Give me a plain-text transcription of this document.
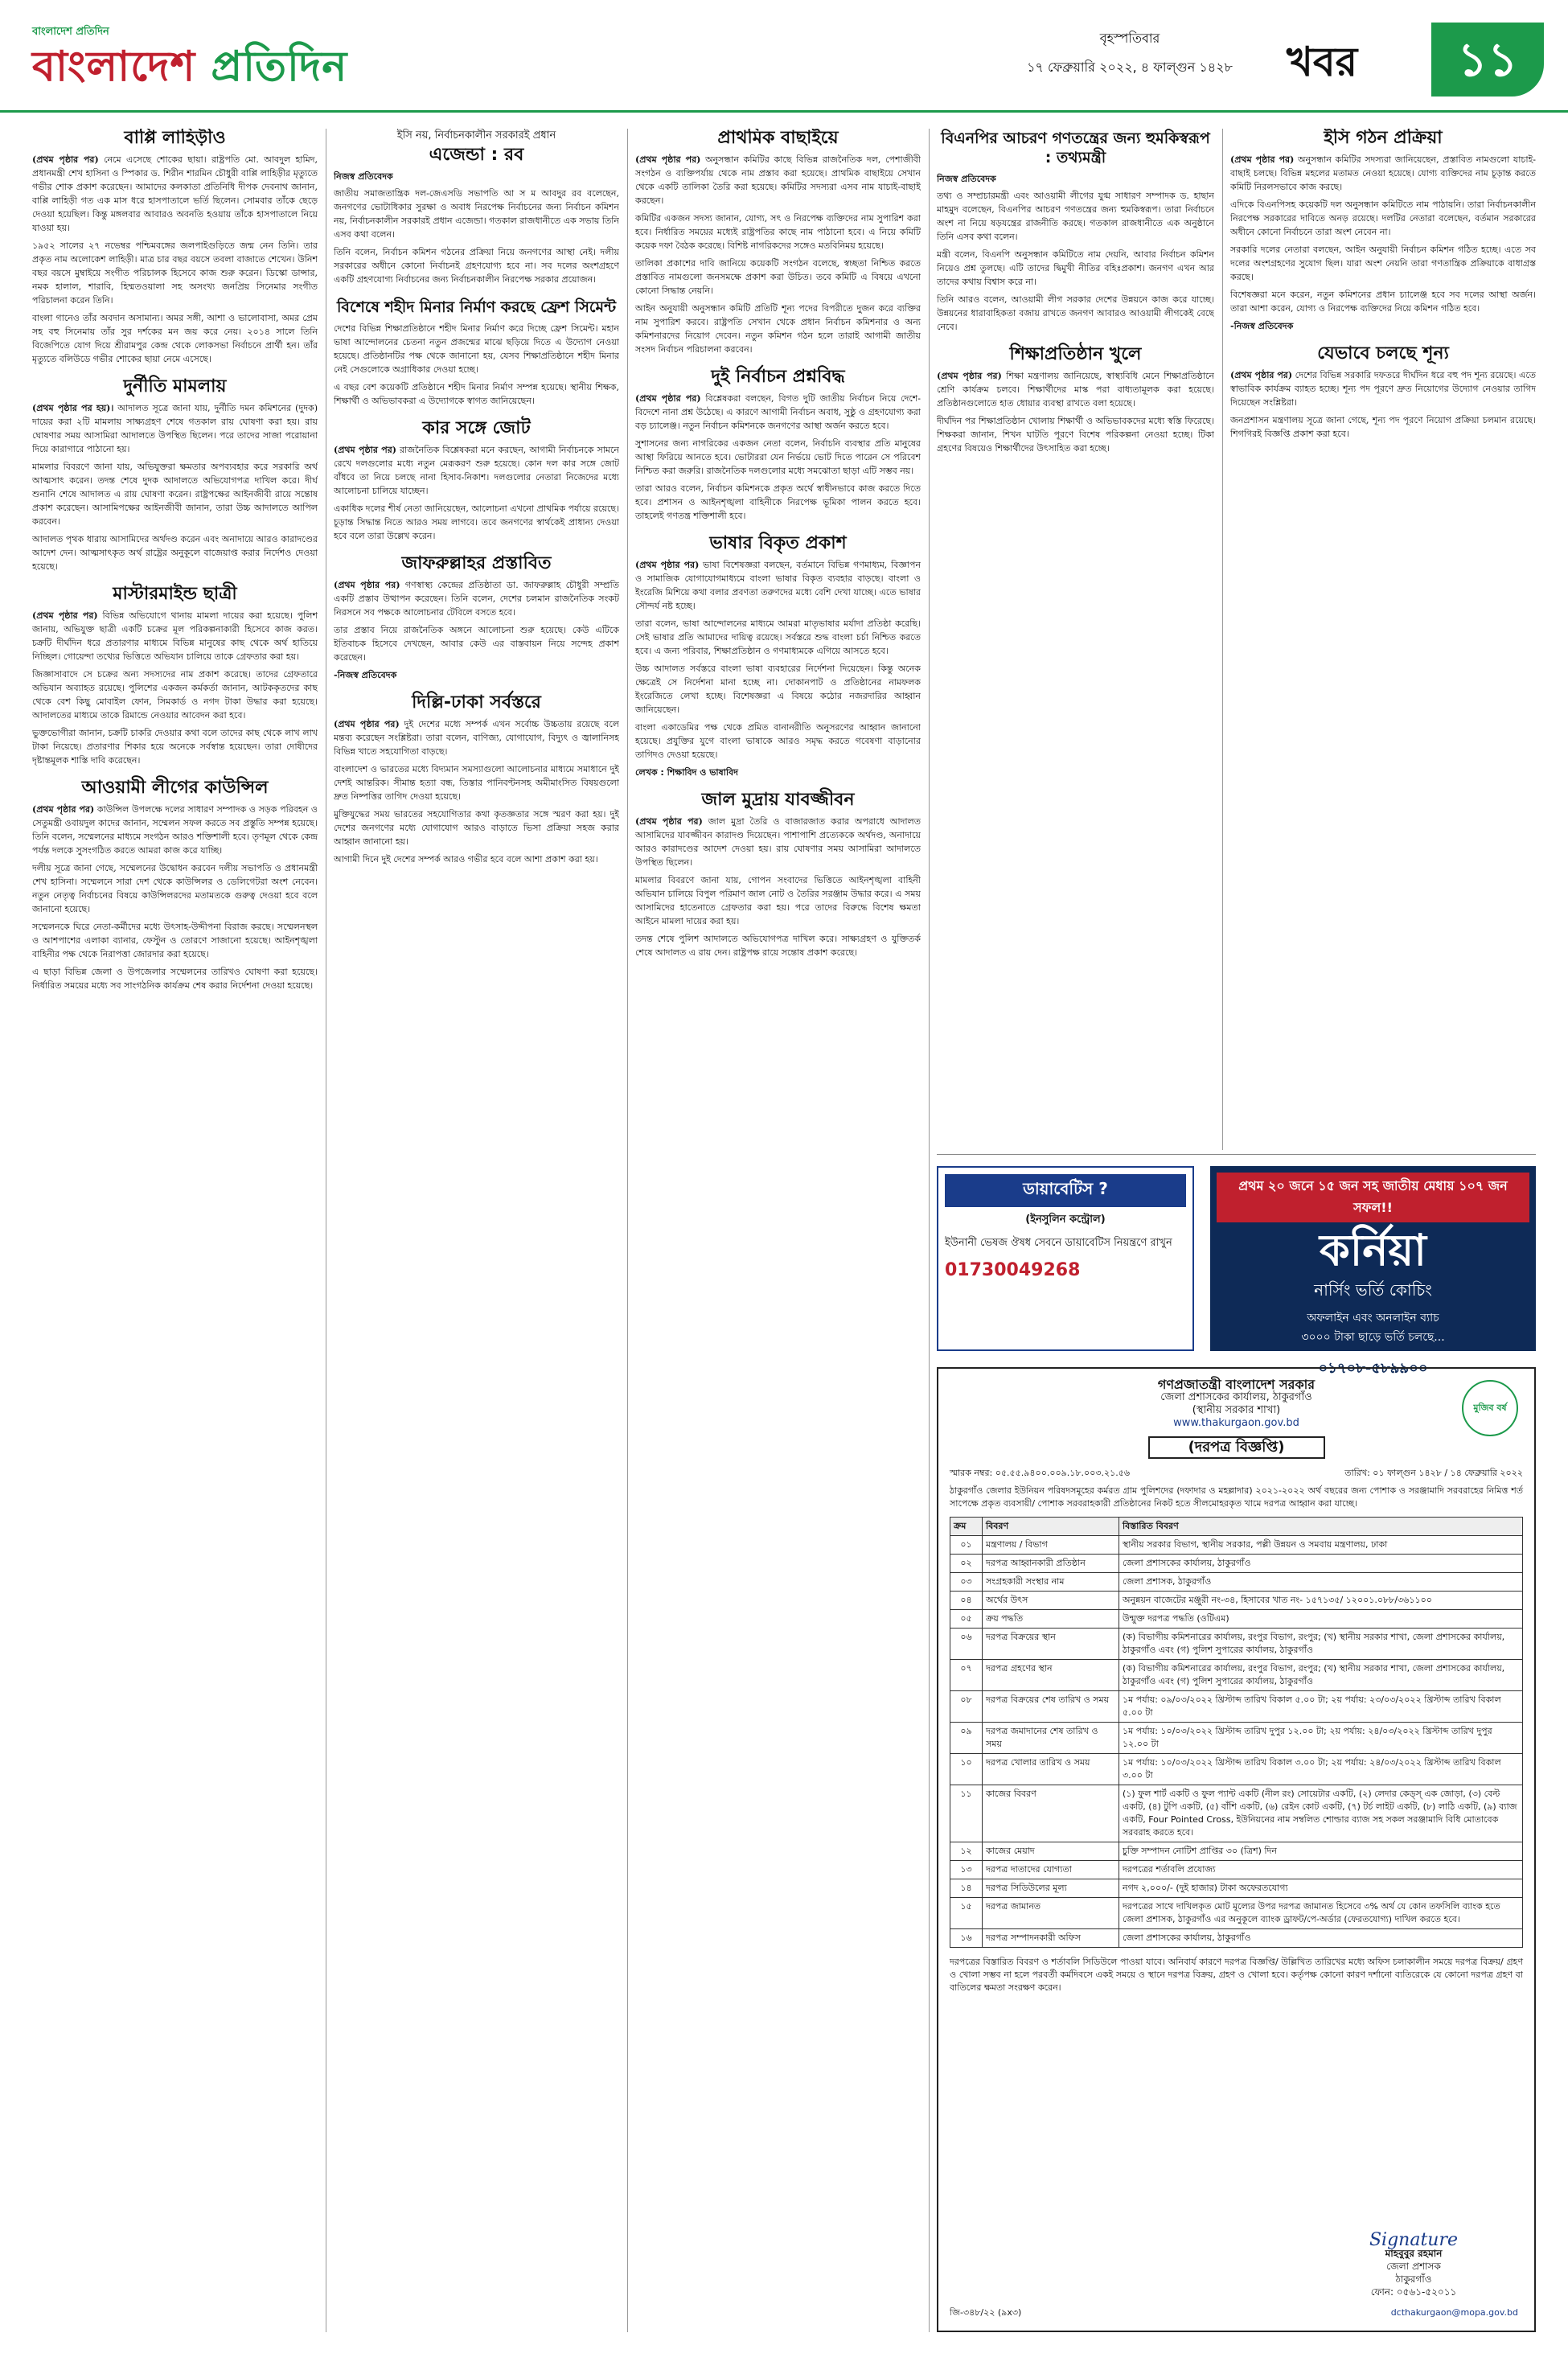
বাংলাদেশ প্রতিদিন
বাংলাদেশ প্রতিদিন
বৃহস্পতিবার
১৭ ফেব্রুয়ারি ২০২২, ৪ ফাল্গুন ১৪২৮	খবর	১১
বাপ্পি লাহিড়ীও

(প্রথম পৃষ্ঠার পর) নেমে এসেছে শোকের ছায়া। রাষ্ট্রপতি মো. আবদুল হামিদ, প্রধানমন্ত্রী শেখ হাসিনা ও স্পিকার ড. শিরীন শারমিন চৌধুরী বাপ্পি লাহিড়ীর মৃত্যুতে গভীর শোক প্রকাশ করেছেন। আমাদের কলকাতা প্রতিনিধি দীপক দেবনাথ জানান, বাপ্পি লাহিড়ী গত এক মাস ধরে হাসপাতালে ভর্তি ছিলেন। সোমবার তাঁকে ছেড়ে দেওয়া হয়েছিল। কিন্তু মঙ্গলবার আবারও অবনতি হওয়ায় তাঁকে হাসপাতালে নিয়ে যাওয়া হয়।

১৯৫২ সালের ২৭ নভেম্বর পশ্চিমবঙ্গের জলপাইগুড়িতে জন্ম নেন তিনি। তার প্রকৃত নাম অলোকেশ লাহিড়ী। মাত্র চার বছর বয়সে তবলা বাজাতে শেখেন। উনিশ বছর বয়সে মুম্বাইয়ে সংগীত পরিচালক হিসেবে কাজ শুরু করেন। ডিস্কো ডান্সার, নমক হালাল, শারাবি, হিম্মতওয়ালা সহ অসংখ্য জনপ্রিয় সিনেমার সংগীত পরিচালনা করেন তিনি।

বাংলা গানেও তাঁর অবদান অসামান্য। অমর সঙ্গী, আশা ও ভালোবাসা, অমর প্রেম সহ বহু সিনেমায় তাঁর সুর দর্শকের মন জয় করে নেয়। ২০১৪ সালে তিনি বিজেপিতে যোগ দিয়ে শ্রীরামপুর কেন্দ্র থেকে লোকসভা নির্বাচনে প্রার্থী হন। তাঁর মৃত্যুতে বলিউডে গভীর শোকের ছায়া নেমে এসেছে।

দুর্নীতি মামলায়

(প্রথম পৃষ্ঠার পর হয়)। আদালত সূত্রে জানা যায়, দুর্নীতি দমন কমিশনের (দুদক) দায়ের করা ২টি মামলায় সাক্ষ্যগ্রহণ শেষে গতকাল রায় ঘোষণা করা হয়। রায় ঘোষণার সময় আসামিরা আদালতে উপস্থিত ছিলেন। পরে তাদের সাজা পরোয়ানা দিয়ে কারাগারে পাঠানো হয়।

মামলার বিবরণে জানা যায়, অভিযুক্তরা ক্ষমতার অপব্যবহার করে সরকারি অর্থ আত্মসাৎ করেন। তদন্ত শেষে দুদক আদালতে অভিযোগপত্র দাখিল করে। দীর্ঘ শুনানি শেষে আদালত এ রায় ঘোষণা করেন। রাষ্ট্রপক্ষের আইনজীবী রায়ে সন্তোষ প্রকাশ করেছেন। আসামিপক্ষের আইনজীবী জানান, তারা উচ্চ আদালতে আপিল করবেন।

আদালত পৃথক ধারায় আসামিদের অর্থদণ্ড করেন এবং অনাদায়ে আরও কারাদণ্ডের আদেশ দেন। আত্মসাৎকৃত অর্থ রাষ্ট্রের অনুকূলে বাজেয়াপ্ত করার নির্দেশও দেওয়া হয়েছে।

মাস্টারমাইন্ড ছাত্রী

(প্রথম পৃষ্ঠার পর) বিভিন্ন অভিযোগে থানায় মামলা দায়ের করা হয়েছে। পুলিশ জানায়, অভিযুক্ত ছাত্রী একটি চক্রের মূল পরিকল্পনাকারী হিসেবে কাজ করত। চক্রটি দীর্ঘদিন ধরে প্রতারণার মাধ্যমে বিভিন্ন মানুষের কাছ থেকে অর্থ হাতিয়ে নিচ্ছিল। গোয়েন্দা তথ্যের ভিত্তিতে অভিযান চালিয়ে তাকে গ্রেফতার করা হয়।

জিজ্ঞাসাবাদে সে চক্রের অন্য সদস্যদের নাম প্রকাশ করেছে। তাদের গ্রেফতারে অভিযান অব্যাহত রয়েছে। পুলিশের একজন কর্মকর্তা জানান, আটককৃতদের কাছ থেকে বেশ কিছু মোবাইল ফোন, সিমকার্ড ও নগদ টাকা উদ্ধার করা হয়েছে। আদালতের মাধ্যমে তাকে রিমান্ডে নেওয়ার আবেদন করা হবে।

ভুক্তভোগীরা জানান, চক্রটি চাকরি দেওয়ার কথা বলে তাদের কাছ থেকে লাখ লাখ টাকা নিয়েছে। প্রতারণার শিকার হয়ে অনেকে সর্বস্বান্ত হয়েছেন। তারা দোষীদের দৃষ্টান্তমূলক শাস্তি দাবি করেছেন।

আওয়ামী লীগের কাউন্সিল

(প্রথম পৃষ্ঠার পর) কাউন্সিল উপলক্ষে দলের সাধারণ সম্পাদক ও সড়ক পরিবহন ও সেতুমন্ত্রী ওবায়দুল কাদের জানান, সম্মেলন সফল করতে সব প্রস্তুতি সম্পন্ন হয়েছে। তিনি বলেন, সম্মেলনের মাধ্যমে সংগঠন আরও শক্তিশালী হবে। তৃণমূল থেকে কেন্দ্র পর্যন্ত দলকে সুসংগঠিত করতে আমরা কাজ করে যাচ্ছি।

দলীয় সূত্রে জানা গেছে, সম্মেলনের উদ্বোধন করবেন দলীয় সভাপতি ও প্রধানমন্ত্রী শেখ হাসিনা। সম্মেলনে সারা দেশ থেকে কাউন্সিলর ও ডেলিগেটরা অংশ নেবেন। নতুন নেতৃত্ব নির্বাচনের বিষয়ে কাউন্সিলরদের মতামতকে গুরুত্ব দেওয়া হবে বলে জানানো হয়েছে।

সম্মেলনকে ঘিরে নেতা-কর্মীদের মধ্যে উৎসাহ-উদ্দীপনা বিরাজ করছে। সম্মেলনস্থল ও আশপাশের এলাকা ব্যানার, ফেস্টুন ও তোরণে সাজানো হয়েছে। আইনশৃঙ্খলা বাহিনীর পক্ষ থেকে নিরাপত্তা জোরদার করা হয়েছে।

এ ছাড়া বিভিন্ন জেলা ও উপজেলার সম্মেলনের তারিখও ঘোষণা করা হয়েছে। নির্ধারিত সময়ের মধ্যে সব সাংগঠনিক কার্যক্রম শেষ করার নির্দেশনা দেওয়া হয়েছে।

ইসি নয়, নির্বাচনকালীন সরকারই প্রধান
এজেন্ডা : রব
নিজস্ব প্রতিবেদক

জাতীয় সমাজতান্ত্রিক দল-জেএসডি সভাপতি আ স ম আবদুর রব বলেছেন, জনগণের ভোটাধিকার সুরক্ষা ও অবাধ নিরপেক্ষ নির্বাচনের জন্য নির্বাচন কমিশন নয়, নির্বাচনকালীন সরকারই প্রধান এজেন্ডা। গতকাল রাজধানীতে এক সভায় তিনি এসব কথা বলেন।

তিনি বলেন, নির্বাচন কমিশন গঠনের প্রক্রিয়া নিয়ে জনগণের আস্থা নেই। দলীয় সরকারের অধীনে কোনো নির্বাচনই গ্রহণযোগ্য হবে না। সব দলের অংশগ্রহণে একটি গ্রহণযোগ্য নির্বাচনের জন্য নির্বাচনকালীন নিরপেক্ষ সরকার প্রয়োজন।

বিশেষে শহীদ মিনার নির্মাণ করছে ফ্রেশ সিমেন্ট

দেশের বিভিন্ন শিক্ষাপ্রতিষ্ঠানে শহীদ মিনার নির্মাণ করে দিচ্ছে ফ্রেশ সিমেন্ট। মহান ভাষা আন্দোলনের চেতনা নতুন প্রজন্মের মাঝে ছড়িয়ে দিতে এ উদ্যোগ নেওয়া হয়েছে। প্রতিষ্ঠানটির পক্ষ থেকে জানানো হয়, যেসব শিক্ষাপ্রতিষ্ঠানে শহীদ মিনার নেই সেগুলোকে অগ্রাধিকার দেওয়া হচ্ছে।

এ বছর বেশ কয়েকটি প্রতিষ্ঠানে শহীদ মিনার নির্মাণ সম্পন্ন হয়েছে। স্থানীয় শিক্ষক, শিক্ষার্থী ও অভিভাবকরা এ উদ্যোগকে স্বাগত জানিয়েছেন।

কার সঙ্গে জোট

(প্রথম পৃষ্ঠার পর) রাজনৈতিক বিশ্লেষকরা মনে করছেন, আগামী নির্বাচনকে সামনে রেখে দলগুলোর মধ্যে নতুন মেরূকরণ শুরু হয়েছে। কোন দল কার সঙ্গে জোট বাঁধবে তা নিয়ে চলছে নানা হিসাব-নিকাশ। দলগুলোর নেতারা নিজেদের মধ্যে আলোচনা চালিয়ে যাচ্ছেন।

একাধিক দলের শীর্ষ নেতা জানিয়েছেন, আলোচনা এখনো প্রাথমিক পর্যায়ে রয়েছে। চূড়ান্ত সিদ্ধান্ত নিতে আরও সময় লাগবে। তবে জনগণের স্বার্থকেই প্রাধান্য দেওয়া হবে বলে তারা উল্লেখ করেন।

জাফরুল্লাহর প্রস্তাবিত

(প্রথম পৃষ্ঠার পর) গণস্বাস্থ্য কেন্দ্রের প্রতিষ্ঠাতা ডা. জাফরুল্লাহ চৌধুরী সম্প্রতি একটি প্রস্তাব উত্থাপন করেছেন। তিনি বলেন, দেশের চলমান রাজনৈতিক সংকট নিরসনে সব পক্ষকে আলোচনার টেবিলে বসতে হবে।

তার প্রস্তাব নিয়ে রাজনৈতিক অঙ্গনে আলোচনা শুরু হয়েছে। কেউ এটিকে ইতিবাচক হিসেবে দেখছেন, আবার কেউ এর বাস্তবায়ন নিয়ে সন্দেহ প্রকাশ করেছেন।

-নিজস্ব প্রতিবেদক
দিল্লি-ঢাকা সর্বস্তরে

(প্রথম পৃষ্ঠার পর) দুই দেশের মধ্যে সম্পর্ক এখন সর্বোচ্চ উচ্চতায় রয়েছে বলে মন্তব্য করেছেন সংশ্লিষ্টরা। তারা বলেন, বাণিজ্য, যোগাযোগ, বিদ্যুৎ ও জ্বালানিসহ বিভিন্ন খাতে সহযোগিতা বাড়ছে।

বাংলাদেশ ও ভারতের মধ্যে বিদ্যমান সমস্যাগুলো আলোচনার মাধ্যমে সমাধানে দুই দেশই আন্তরিক। সীমান্ত হত্যা বন্ধ, তিস্তার পানিবণ্টনসহ অমীমাংসিত বিষয়গুলো দ্রুত নিষ্পত্তির তাগিদ দেওয়া হয়েছে।

মুক্তিযুদ্ধের সময় ভারতের সহযোগিতার কথা কৃতজ্ঞতার সঙ্গে স্মরণ করা হয়। দুই দেশের জনগণের মধ্যে যোগাযোগ আরও বাড়াতে ভিসা প্রক্রিয়া সহজ করার আহ্বান জানানো হয়।

আগামী দিনে দুই দেশের সম্পর্ক আরও গভীর হবে বলে আশা প্রকাশ করা হয়।

প্রাথমিক বাছাইয়ে

(প্রথম পৃষ্ঠার পর) অনুসন্ধান কমিটির কাছে বিভিন্ন রাজনৈতিক দল, পেশাজীবী সংগঠন ও ব্যক্তিপর্যায় থেকে নাম প্রস্তাব করা হয়েছে। প্রাথমিক বাছাইয়ে সেখান থেকে একটি তালিকা তৈরি করা হয়েছে। কমিটির সদস্যরা এসব নাম যাচাই-বাছাই করছেন।

কমিটির একজন সদস্য জানান, যোগ্য, সৎ ও নিরপেক্ষ ব্যক্তিদের নাম সুপারিশ করা হবে। নির্ধারিত সময়ের মধ্যেই রাষ্ট্রপতির কাছে নাম পাঠানো হবে। এ নিয়ে কমিটি কয়েক দফা বৈঠক করেছে। বিশিষ্ট নাগরিকদের সঙ্গেও মতবিনিময় হয়েছে।

তালিকা প্রকাশের দাবি জানিয়ে কয়েকটি সংগঠন বলেছে, স্বচ্ছতা নিশ্চিত করতে প্রস্তাবিত নামগুলো জনসমক্ষে প্রকাশ করা উচিত। তবে কমিটি এ বিষয়ে এখনো কোনো সিদ্ধান্ত নেয়নি।

আইন অনুযায়ী অনুসন্ধান কমিটি প্রতিটি শূন্য পদের বিপরীতে দুজন করে ব্যক্তির নাম সুপারিশ করবে। রাষ্ট্রপতি সেখান থেকে প্রধান নির্বাচন কমিশনার ও অন্য কমিশনারদের নিয়োগ দেবেন। নতুন কমিশন গঠন হলে তারাই আগামী জাতীয় সংসদ নির্বাচন পরিচালনা করবেন।

দুই নির্বাচন প্রশ্নবিদ্ধ

(প্রথম পৃষ্ঠার পর) বিশ্লেষকরা বলছেন, বিগত দুটি জাতীয় নির্বাচন নিয়ে দেশে-বিদেশে নানা প্রশ্ন উঠেছে। এ কারণে আগামী নির্বাচন অবাধ, সুষ্ঠু ও গ্রহণযোগ্য করা বড় চ্যালেঞ্জ। নতুন নির্বাচন কমিশনকে জনগণের আস্থা অর্জন করতে হবে।

সুশাসনের জন্য নাগরিকের একজন নেতা বলেন, নির্বাচনি ব্যবস্থার প্রতি মানুষের আস্থা ফিরিয়ে আনতে হবে। ভোটাররা যেন নির্ভয়ে ভোট দিতে পারেন সে পরিবেশ নিশ্চিত করা জরুরি। রাজনৈতিক দলগুলোর মধ্যে সমঝোতা ছাড়া এটি সম্ভব নয়।

তারা আরও বলেন, নির্বাচন কমিশনকে প্রকৃত অর্থে স্বাধীনভাবে কাজ করতে দিতে হবে। প্রশাসন ও আইনশৃঙ্খলা বাহিনীকে নিরপেক্ষ ভূমিকা পালন করতে হবে। তাহলেই গণতন্ত্র শক্তিশালী হবে।

ভাষার বিকৃত প্রকাশ

(প্রথম পৃষ্ঠার পর) ভাষা বিশেষজ্ঞরা বলছেন, বর্তমানে বিভিন্ন গণমাধ্যম, বিজ্ঞাপন ও সামাজিক যোগাযোগমাধ্যমে বাংলা ভাষার বিকৃত ব্যবহার বাড়ছে। বাংলা ও ইংরেজি মিশিয়ে কথা বলার প্রবণতা তরুণদের মধ্যে বেশি দেখা যাচ্ছে। এতে ভাষার সৌন্দর্য নষ্ট হচ্ছে।

তারা বলেন, ভাষা আন্দোলনের মাধ্যমে আমরা মাতৃভাষার মর্যাদা প্রতিষ্ঠা করেছি। সেই ভাষার প্রতি আমাদের দায়িত্ব রয়েছে। সর্বস্তরে শুদ্ধ বাংলা চর্চা নিশ্চিত করতে হবে। এ জন্য পরিবার, শিক্ষাপ্রতিষ্ঠান ও গণমাধ্যমকে এগিয়ে আসতে হবে।

উচ্চ আদালত সর্বস্তরে বাংলা ভাষা ব্যবহারের নির্দেশনা দিয়েছেন। কিন্তু অনেক ক্ষেত্রেই সে নির্দেশনা মানা হচ্ছে না। দোকানপাট ও প্রতিষ্ঠানের নামফলক ইংরেজিতে লেখা হচ্ছে। বিশেষজ্ঞরা এ বিষয়ে কঠোর নজরদারির আহ্বান জানিয়েছেন।

বাংলা একাডেমির পক্ষ থেকে প্রমিত বানানরীতি অনুসরণের আহ্বান জানানো হয়েছে। প্রযুক্তির যুগে বাংলা ভাষাকে আরও সমৃদ্ধ করতে গবেষণা বাড়ানোর তাগিদও দেওয়া হয়েছে।

লেখক : শিক্ষাবিদ ও ভাষাবিদ
জাল মুদ্রায় যাবজ্জীবন

(প্রথম পৃষ্ঠার পর) জাল মুদ্রা তৈরি ও বাজারজাত করার অপরাধে আদালত আসামিদের যাবজ্জীবন কারাদণ্ড দিয়েছেন। পাশাপাশি প্রত্যেককে অর্থদণ্ড, অনাদায়ে আরও কারাদণ্ডের আদেশ দেওয়া হয়। রায় ঘোষণার সময় আসামিরা আদালতে উপস্থিত ছিলেন।

মামলার বিবরণে জানা যায়, গোপন সংবাদের ভিত্তিতে আইনশৃঙ্খলা বাহিনী অভিযান চালিয়ে বিপুল পরিমাণ জাল নোট ও তৈরির সরঞ্জাম উদ্ধার করে। এ সময় আসামিদের হাতেনাতে গ্রেফতার করা হয়। পরে তাদের বিরুদ্ধে বিশেষ ক্ষমতা আইনে মামলা দায়ের করা হয়।

তদন্ত শেষে পুলিশ আদালতে অভিযোগপত্র দাখিল করে। সাক্ষ্যগ্রহণ ও যুক্তিতর্ক শেষে আদালত এ রায় দেন। রাষ্ট্রপক্ষ রায়ে সন্তোষ প্রকাশ করেছে।

বিএনপির আচরণ গণতন্ত্রের জন্য হুমকিস্বরূপ : তথ্যমন্ত্রী
নিজস্ব প্রতিবেদক

তথ্য ও সম্প্রচারমন্ত্রী এবং আওয়ামী লীগের যুগ্ম সাধারণ সম্পাদক ড. হাছান মাহমুদ বলেছেন, বিএনপির আচরণ গণতন্ত্রের জন্য হুমকিস্বরূপ। তারা নির্বাচনে অংশ না নিয়ে ষড়যন্ত্রের রাজনীতি করছে। গতকাল রাজধানীতে এক অনুষ্ঠানে তিনি এসব কথা বলেন।

মন্ত্রী বলেন, বিএনপি অনুসন্ধান কমিটিতে নাম দেয়নি, আবার নির্বাচন কমিশন নিয়েও প্রশ্ন তুলছে। এটি তাদের দ্বিমুখী নীতির বহিঃপ্রকাশ। জনগণ এখন আর তাদের কথায় বিশ্বাস করে না।

তিনি আরও বলেন, আওয়ামী লীগ সরকার দেশের উন্নয়নে কাজ করে যাচ্ছে। উন্নয়নের ধারাবাহিকতা বজায় রাখতে জনগণ আবারও আওয়ামী লীগকেই বেছে নেবে।

শিক্ষাপ্রতিষ্ঠান খুলে

(প্রথম পৃষ্ঠার পর) শিক্ষা মন্ত্রণালয় জানিয়েছে, স্বাস্থ্যবিধি মেনে শিক্ষাপ্রতিষ্ঠানে শ্রেণি কার্যক্রম চলবে। শিক্ষার্থীদের মাস্ক পরা বাধ্যতামূলক করা হয়েছে। প্রতিষ্ঠানগুলোতে হাত ধোয়ার ব্যবস্থা রাখতে বলা হয়েছে।

দীর্ঘদিন পর শিক্ষাপ্রতিষ্ঠান খোলায় শিক্ষার্থী ও অভিভাবকদের মধ্যে স্বস্তি ফিরেছে। শিক্ষকরা জানান, শিখন ঘাটতি পূরণে বিশেষ পরিকল্পনা নেওয়া হচ্ছে। টিকা গ্রহণের বিষয়েও শিক্ষার্থীদের উৎসাহিত করা হচ্ছে।

ইসি গঠন প্রক্রিয়া

(প্রথম পৃষ্ঠার পর) অনুসন্ধান কমিটির সদস্যরা জানিয়েছেন, প্রস্তাবিত নামগুলো যাচাই-বাছাই চলছে। বিভিন্ন মহলের মতামত নেওয়া হয়েছে। যোগ্য ব্যক্তিদের নাম চূড়ান্ত করতে কমিটি নিরলসভাবে কাজ করছে।

এদিকে বিএনপিসহ কয়েকটি দল অনুসন্ধান কমিটিতে নাম পাঠায়নি। তারা নির্বাচনকালীন নিরপেক্ষ সরকারের দাবিতে অনড় রয়েছে। দলটির নেতারা বলেছেন, বর্তমান সরকারের অধীনে কোনো নির্বাচনে তারা অংশ নেবেন না।

সরকারি দলের নেতারা বলছেন, আইন অনুযায়ী নির্বাচন কমিশন গঠিত হচ্ছে। এতে সব দলের অংশগ্রহণের সুযোগ ছিল। যারা অংশ নেয়নি তারা গণতান্ত্রিক প্রক্রিয়াকে বাধাগ্রস্ত করছে।

বিশেষজ্ঞরা মনে করেন, নতুন কমিশনের প্রধান চ্যালেঞ্জ হবে সব দলের আস্থা অর্জন। তারা আশা করেন, যোগ্য ও নিরপেক্ষ ব্যক্তিদের নিয়ে কমিশন গঠিত হবে।

-নিজস্ব প্রতিবেদক
যেভাবে চলছে শূন্য

(প্রথম পৃষ্ঠার পর) দেশের বিভিন্ন সরকারি দফতরে দীর্ঘদিন ধরে বহু পদ শূন্য রয়েছে। এতে স্বাভাবিক কার্যক্রম ব্যাহত হচ্ছে। শূন্য পদ পূরণে দ্রুত নিয়োগের উদ্যোগ নেওয়ার তাগিদ দিয়েছেন সংশ্লিষ্টরা।

জনপ্রশাসন মন্ত্রণালয় সূত্রে জানা গেছে, শূন্য পদ পূরণে নিয়োগ প্রক্রিয়া চলমান রয়েছে। শিগগিরই বিজ্ঞপ্তি প্রকাশ করা হবে।

ডায়াবেটিস ?
(ইনসুলিন কন্ট্রোল)
ইউনানী ভেষজ ঔষধ সেবনে ডায়াবেটিস নিয়ন্ত্রণে রাখুন
01730049268
প্রথম ২০ জনে ১৫ জন সহ জাতীয় মেধায় ১০৭ জন সফল!!
কর্নিয়া
নার্সিং ভর্তি কোচিং
অফলাইন এবং অনলাইন ব্যাচ
৩০০০ টাকা ছাড়ে ভর্তি চলছে...
০১৭০৮-৫৮৯৯০০
মুজিব বর্ষ
গণপ্রজাতন্ত্রী বাংলাদেশ সরকার
জেলা প্রশাসকের কার্যালয়, ঠাকুরগাঁও
(স্থানীয় সরকার শাখা)
www.thakurgaon.gov.bd
(দরপত্র বিজ্ঞপ্তি)
স্মারক নম্বর: ০৫.৫৫.৯৪০০.০০৯.১৮.০০৩.২১.৫৬	তারিখ: ০১ ফাল্গুন ১৪২৮ / ১৪ ফেব্রুয়ারি ২০২২
ঠাকুরগাঁও জেলার ইউনিয়ন পরিষদসমূহের কর্মরত গ্রাম পুলিশদের (দফাদার ও মহল্লাদার) ২০২১-২০২২ অর্থ বছরের জন্য পোশাক ও সরঞ্জামাদি সরবরাহের নিমিত্ত শর্ত সাপেক্ষে প্রকৃত ব্যবসায়ী/ পোশাক সরবরাহকারী প্রতিষ্ঠানের নিকট হতে সীলমোহরকৃত খামে দরপত্র আহ্বান করা যাচ্ছে।
ক্রম	বিবরণ	বিস্তারিত বিবরণ
০১	মন্ত্রণালয় / বিভাগ	স্থানীয় সরকার বিভাগ, স্থানীয় সরকার, পল্লী উন্নয়ন ও সমবায় মন্ত্রণালয়, ঢাকা
০২	দরপত্র আহ্বানকারী প্রতিষ্ঠান	জেলা প্রশাসকের কার্যালয়, ঠাকুরগাঁও
০৩	সংগ্রহকারী সংস্থার নাম	জেলা প্রশাসক, ঠাকুরগাঁও
০৪	অর্থের উৎস	অনুন্নয়ন বাজেটের মঞ্জুরী নং-৩৪, হিসাবের খাত নং- ১৫৭১৩৫/ ১২০০১.০৮৮/৩৬১১০০
০৫	ক্রয় পদ্ধতি	উন্মুক্ত দরপত্র পদ্ধতি (ওটিএম)
০৬	দরপত্র বিক্রয়ের স্থান	(ক) বিভাগীয় কমিশনারের কার্যালয়, রংপুর বিভাগ, রংপুর; (খ) স্থানীয় সরকার শাখা, জেলা প্রশাসকের কার্যালয়, ঠাকুরগাঁও এবং (গ) পুলিশ সুপারের কার্যালয়, ঠাকুরগাঁও
০৭	দরপত্র গ্রহণের স্থান	(ক) বিভাগীয় কমিশনারের কার্যালয়, রংপুর বিভাগ, রংপুর; (খ) স্থানীয় সরকার শাখা, জেলা প্রশাসকের কার্যালয়, ঠাকুরগাঁও এবং (গ) পুলিশ সুপারের কার্যালয়, ঠাকুরগাঁও
০৮	দরপত্র বিক্রয়ের শেষ তারিখ ও সময়	১ম পর্যায়: ০৯/০৩/২০২২ খ্রিস্টাব্দ তারিখ বিকাল ৫.০০ টা; ২য় পর্যায়: ২৩/০৩/২০২২ খ্রিস্টাব্দ তারিখ বিকাল ৫.০০ টা
০৯	দরপত্র জমাদানের শেষ তারিখ ও সময়	১ম পর্যায়: ১০/০৩/২০২২ খ্রিস্টাব্দ তারিখ দুপুর ১২.০০ টা; ২য় পর্যায়: ২৪/০৩/২০২২ খ্রিস্টাব্দ তারিখ দুপুর ১২.০০ টা
১০	দরপত্র খোলার তারিখ ও সময়	১ম পর্যায়: ১০/০৩/২০২২ খ্রিস্টাব্দ তারিখ বিকাল ৩.০০ টা; ২য় পর্যায়: ২৪/০৩/২০২২ খ্রিস্টাব্দ তারিখ বিকাল ৩.০০ টা
১১	কাজের বিবরণ	(১) ফুল শার্ট একটি ও ফুল প্যান্ট একটি (নীল রং) সোয়েটার একটি, (২) লেদার কেড্‌স্‌ এক জোড়া, (৩) বেল্ট একটি, (৪) টুপি একটি, (৫) বাঁশি একটি, (৬) রেইন কোট একটি, (৭) টর্চ লাইট একটি, (৮) লাঠি একটি, (৯) ব্যাজ একটি, Four Pointed Cross, ইউনিয়নের নাম সম্বলিত শোল্ডার ব্যাজ সহ সকল সরঞ্জামাদি বিধি মোতাবেক সরবরাহ করতে হবে।
১২	কাজের মেয়াদ	চুক্তি সম্পাদন নোটিশ প্রাপ্তির ৩০ (ত্রিশ) দিন
১৩	দরপত্র দাতাদের যোগ্যতা	দরপত্রের শর্তাবলি প্রযোজ্য
১৪	দরপত্র সিডিউলের মূল্য	নগদ ২,০০০/- (দুই হাজার) টাকা অফেরতযোগ্য
১৫	দরপত্র জামানত	দরপত্রের সাথে দাখিলকৃত মোট মূল্যের উপর দরপত্র জামানত হিসেবে ৩% অর্থ যে কোন তফসিলি ব্যাংক হতে জেলা প্রশাসক, ঠাকুরগাঁও এর অনুকূলে ব্যাংক ড্রাফট/পে-অর্ডার (ফেরতযোগ্য) দাখিল করতে হবে।
১৬	দরপত্র সম্পাদনকারী অফিস	জেলা প্রশাসকের কার্যালয়, ঠাকুরগাঁও
দরপত্রের বিস্তারিত বিবরণ ও শর্তাবলি সিডিউলে পাওয়া যাবে। অনিবার্য কারণে দরপত্র বিজ্ঞপ্তি/ উল্লিখিত তারিখের মধ্যে অফিস চলাকালীন সময়ে দরপত্র বিক্রয়/ গ্রহণ ও খোলা সম্ভব না হলে পরবর্তী কর্মদিবসে একই সময়ে ও স্থানে দরপত্র বিক্রয়, গ্রহণ ও খোলা হবে। কর্তৃপক্ষ কোনো কারণ দর্শানো ব্যতিরেকে যে কোনো দরপত্র গ্রহণ বা বাতিলের ক্ষমতা সংরক্ষণ করেন।
Signature
মাহবুবুর রহমান
জেলা প্রশাসক
ঠাকুরগাঁও
ফোন: ০৫৬১-৫২০১১
জি-৩৪৮/২২ (৯x৩)	dcthakurgaon@mopa.gov.bd
